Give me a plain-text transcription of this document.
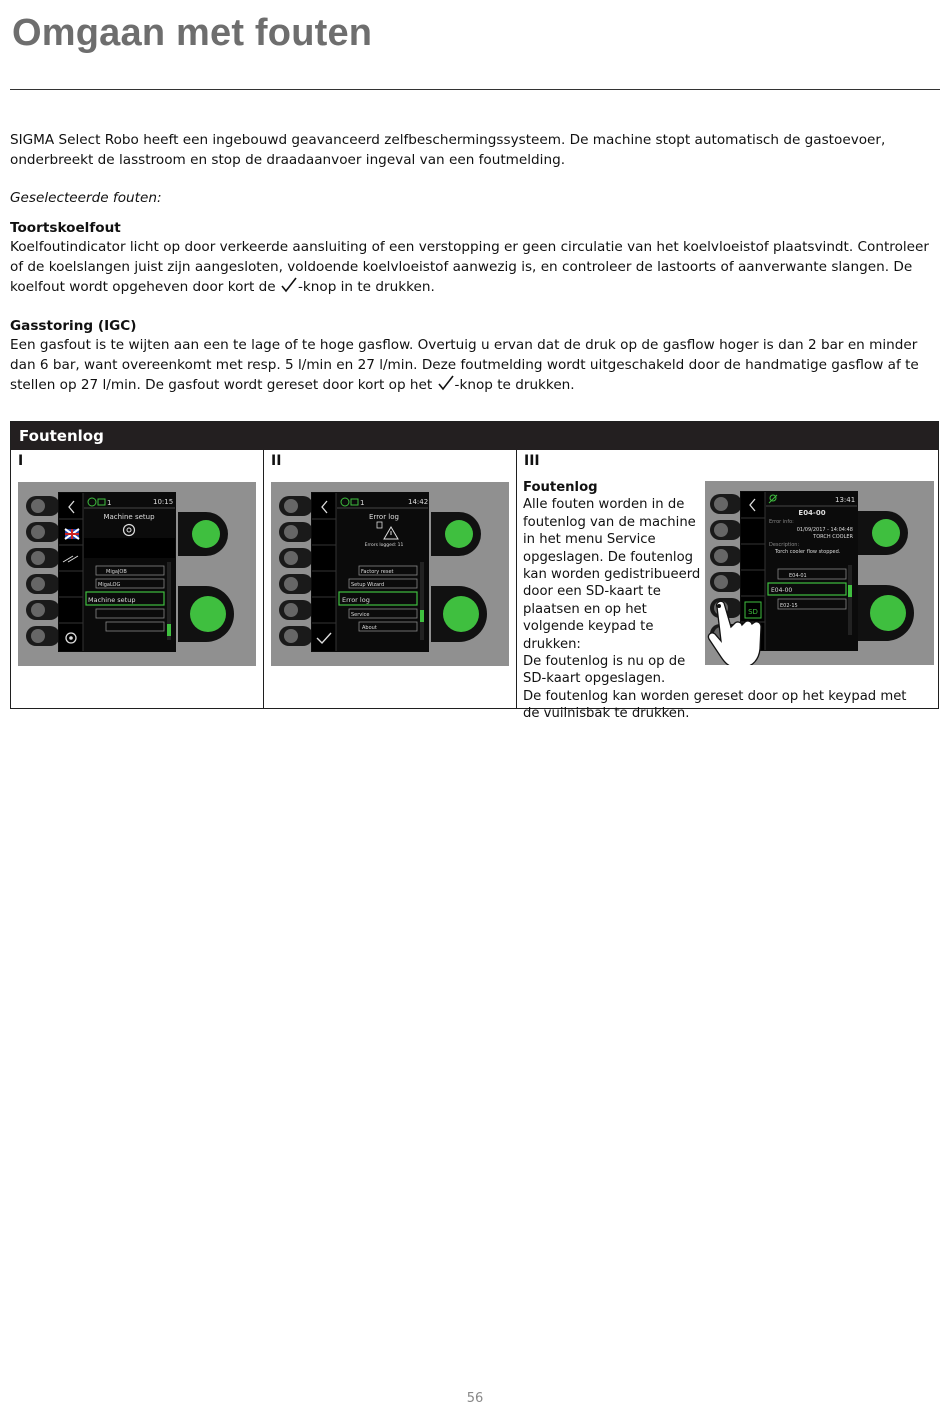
Omgaan met fouten

SIGMA Select Robo heeft een ingebouwd geavanceerd zelfbeschermingssysteem. De machine stopt automatisch de gastoevoer, onderbreekt de lasstroom en stop de draadaanvoer ingeval van een foutmelding.

Geselecteerde fouten:

Toortskoelfout

Koelfoutindicator licht op door verkeerde aansluiting of een verstopping er geen circulatie van het koelvloeistof plaatsvindt. Controleer of de koelslangen juist zijn aangesloten, voldoende koelvloeistof aanwezig is, en controleer de lastoorts of aanverwante slangen. De koelfout wordt opgeheven door kort de -knop in te drukken.

Gasstoring (IGC)

Een gasfout is te wijten aan een te lage of te hoge gasflow. Overtuig u ervan dat de druk op de gasflow hoger is dan 2 bar en minder dan 6 bar, want overeenkomt met resp. 5 l/min en 27 l/min. Deze foutmelding wordt uitgeschakeld door de handmatige gasflow af te stellen op 27 l/min. De gasfout wordt gereset door kort op het -knop te drukken.

Foutenlog
I
1	10:15
Machine setup
MigaJOB
MigaLOG
Machine setup
II
1	14:42
Error log
Errors logged: 11
Factory reset
Setup Wizard
Error log
Service
About
III
SD
13:41
E04-00
Error info:
01/09/2017 - 14:04:48
TORCH COOLER
Description:
Torch cooler flow stopped.
E04-01
E04-00
E02-15
Foutenlog
Alle fouten worden in de foutenlog van de machine in het menu Service opgeslagen. De foutenlog kan worden gedistribueerd door een SD-kaart te plaatsen en op het volgende keypad te drukken:
De foutenlog is nu op de SD-kaart opgeslagen.
De foutenlog kan worden gereset door op het keypad met de vuilnisbak te drukken.
56
